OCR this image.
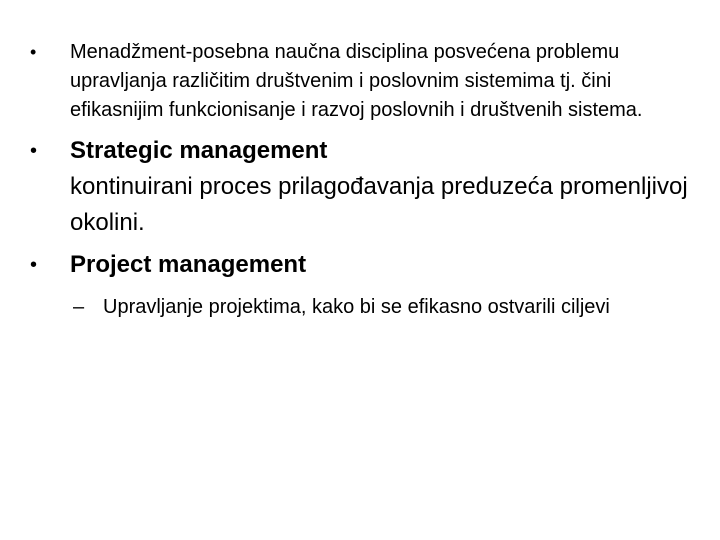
• Menadžment-posebna naučna disciplina posvećena problemu upravljanja različitim društvenim i poslovnim sistemima tj. čini efikasnijim funkcionisanje i razvoj poslovnih i društvenih sistema.
• Strategic management
kontinuirani proces prilagođavanja preduzeća promenljivoj okolini.
• Project management
– Upravljanje projektima, kako bi se efikasno ostvarili ciljevi
